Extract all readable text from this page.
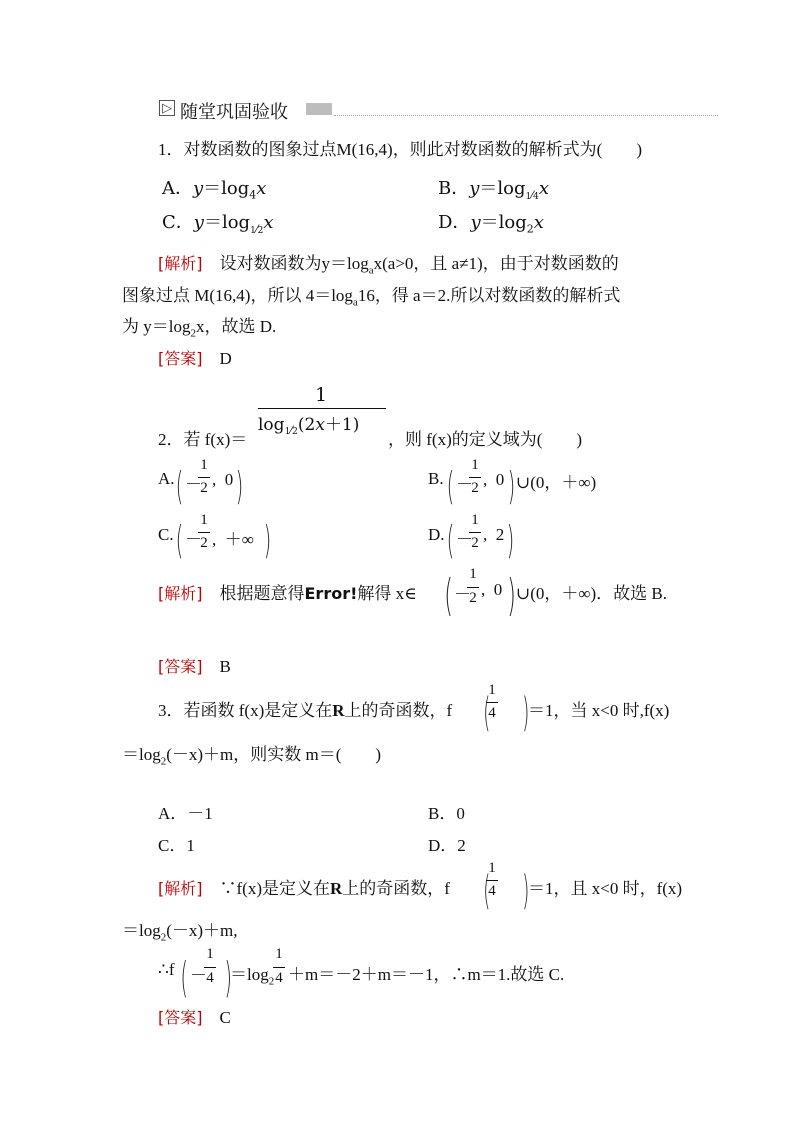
▷ 随堂巩固验收
1．对数函数的图象过点M(16,4)，则此对数函数的解析式为(　　)
A．$y=\log_4x$	B．$y=\log_{1⁄4}x$
C．$y=\log_{1⁄2}x$	D．$y=\log_2x$
[解析]　 设对数函数为$y=\log_ax(a>0$，且 a≠1)，由于对数函数的
图象过点 M(16,4)，所以 $4=\log_a16$，得 a＝2.所以对数函数的解析式
为 $y=\log_2x$，故选 D.
[答案]　 D
1
$\log_{1⁄2}(2x+1)$
2．若 f(x)＝	，则 f(x)的定义域为(　　)
A. ( －
1
2 ,  0 )	B. ( －
1
2 ,  0 ) ∪(0，＋∞)
C. ( －
1
2 ,  ＋∞ )	D. ( －
1
2 ,  2 )
[解析]　 根据题意得Error!解得 x∈ ( －
1
2 ,  0 ) ∪(0，＋∞)．故选 B.
[答案]　 B
3．若函数 f(x)是定义在R上的奇函数，f
1
4
( )
＝1，当 x<0 时,f(x)
$=\log_2(-x)+m$，则实数 m＝(　　)
A．－1	B．0
C．1	D．2
[解析]　 ∵f(x)是定义在R上的奇函数，f
1
4
( )
＝1，且 x<0 时，f(x)
$=\log_2(-x)+m$,
∴f ( －
1
4 )
$=\log_2$
1
4 ＋m＝－2＋m＝－1，∴m＝1.故选 C.
[答案]　 C
